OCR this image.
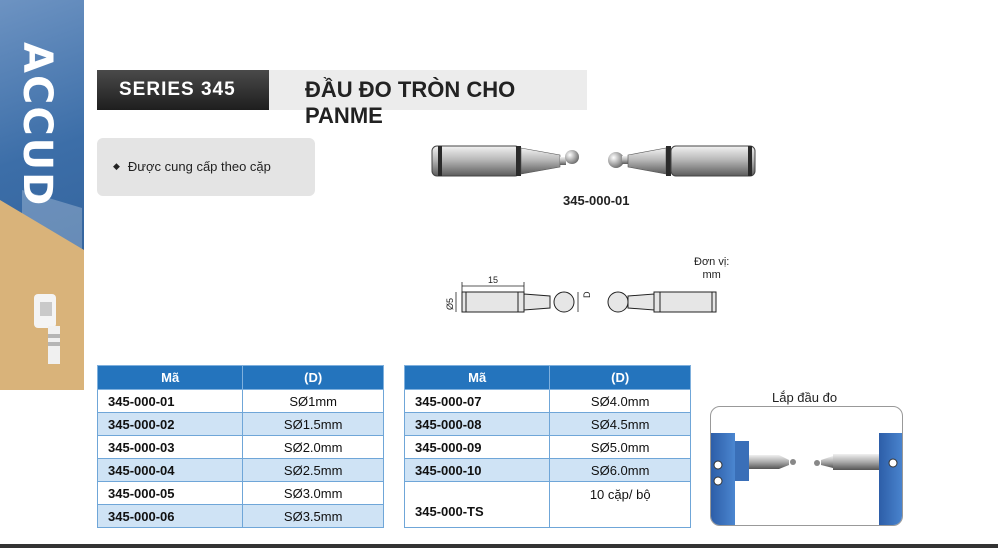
ACCUD	SERIES 345	ĐẦU ĐO TRÒN CHO PANME
◆ Được cung cấp theo cặp
345-000-01
15
Ø5
D
Đơn vị:
mm
Mã	(D)
345-000-01	SØ1mm
345-000-02	SØ1.5mm
345-000-03	SØ2.0mm
345-000-04	SØ2.5mm
345-000-05	SØ3.0mm
345-000-06	SØ3.5mm
Mã	(D)
345-000-07	SØ4.0mm
345-000-08	SØ4.5mm
345-000-09	SØ5.0mm
345-000-10	SØ6.0mm
345-000-TS	10 cặp/ bộ
Lắp đầu đo
